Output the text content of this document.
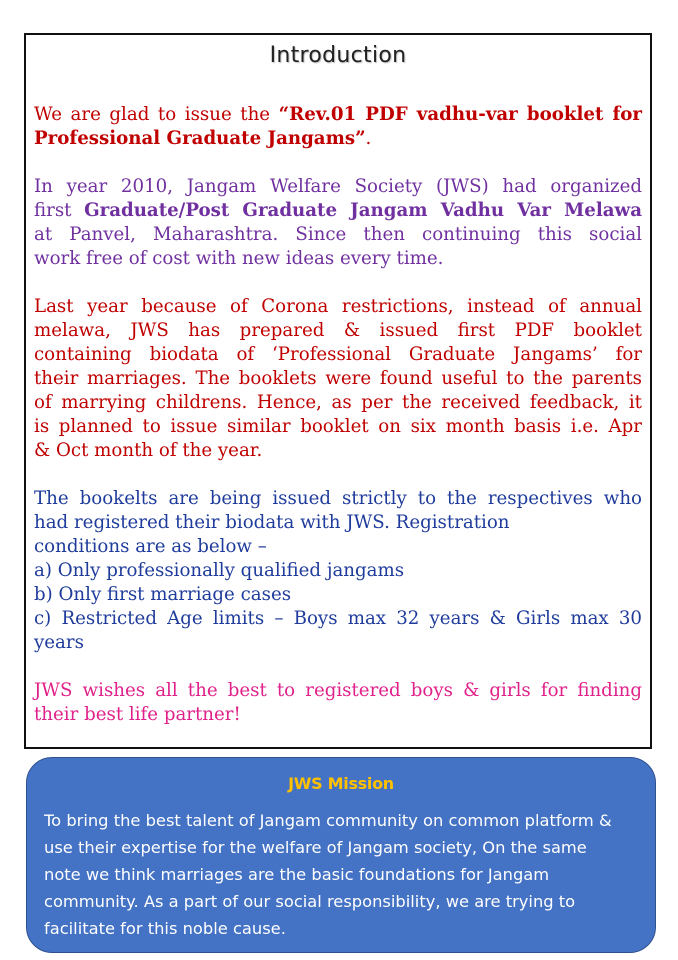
Introduction

We are glad to issue the “Rev.01 PDF vadhu-var booklet for
Professional Graduate Jangams”.

In year 2010, Jangam Welfare Society (JWS) had organized
first Graduate/Post Graduate Jangam Vadhu Var Melawa
at Panvel, Maharashtra. Since then continuing this social
work free of cost with new ideas every time.

Last year because of Corona restrictions, instead of annual
melawa, JWS has prepared & issued first PDF booklet
containing biodata of ‘Professional Graduate Jangams’ for
their marriages. The booklets were found useful to the parents
of marrying childrens. Hence, as per the received feedback, it
is planned to issue similar booklet on six month basis i.e. Apr
& Oct month of the year.

The bookelts are being issued strictly to the respectives who
had registered their biodata with JWS. Registration
conditions are as below –
a) Only professionally qualified jangams
b) Only first marriage cases
c) Restricted Age limits – Boys max 32 years & Girls max 30
years

JWS wishes all the best to registered boys & girls for finding
their best life partner!

JWS Mission
To bring the best talent of Jangam community on common platform &
use their expertise for the welfare of Jangam society, On the same
note we think marriages are the basic foundations for Jangam
community. As a part of our social responsibility, we are trying to
facilitate for this noble cause.
